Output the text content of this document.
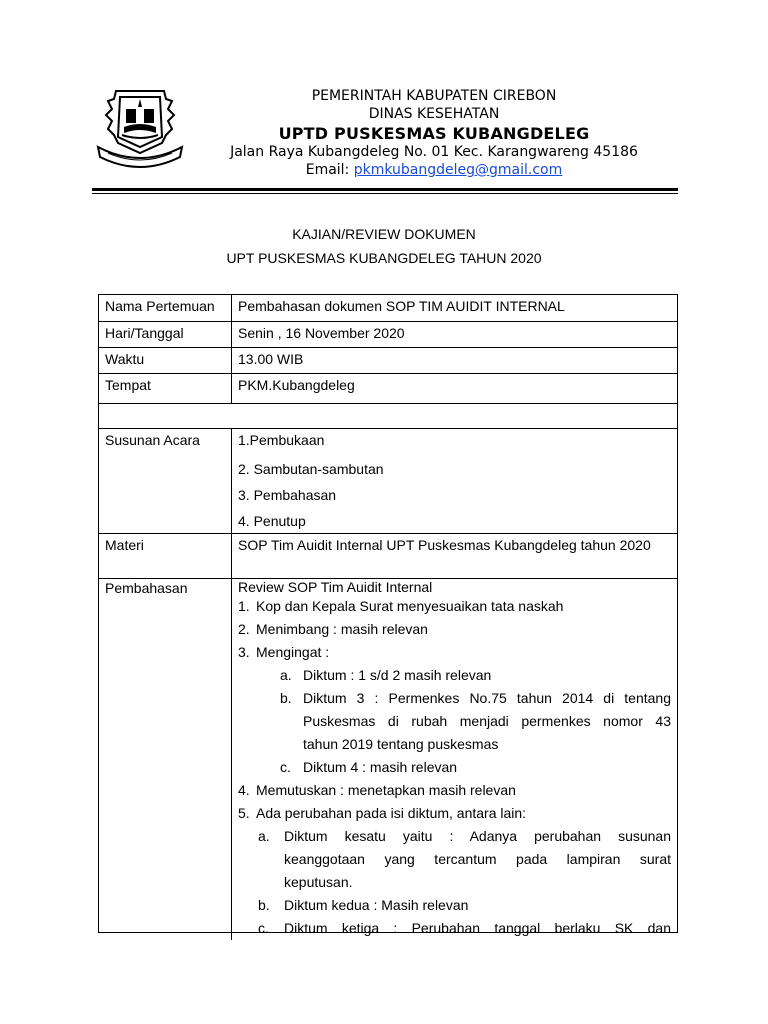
PEMERINTAH KABUPATEN CIREBON
DINAS KESEHATAN
UPTD PUSKESMAS KUBANGDELEG
Jalan Raya Kubangdeleg No. 01 Kec. Karangwareng 45186
Email: pkmkubangdeleg@gmail.com
KAJIAN/REVIEW DOKUMEN
UPT PUSKESMAS KUBANGDELEG TAHUN 2020
Nama Pertemuan	Pembahasan dokumen SOP TIM AUIDIT INTERNAL
Hari/Tanggal	Senin , 16 November 2020
Waktu	13.00 WIB
Tempat	PKM.Kubangdeleg
Susunan Acara	1.Pembukaan
2. Sambutan-sambutan
3. Pembahasan
4. Penutup
Materi	SOP Tim Auidit Internal UPT Puskesmas Kubangdeleg tahun 2020
Pembahasan	Review SOP Tim Auidit Internal
1. Kop dan Kepala Surat menyesuaikan tata naskah
2. Menimbang : masih relevan
3. Mengingat :
a. Diktum : 1 s/d 2 masih relevan
b. Diktum 3 : Permenkes No.75 tahun 2014 di tentang
Puskesmas di rubah menjadi permenkes nomor 43
tahun 2019 tentang puskesmas
c. Diktum 4 : masih relevan
4. Memutuskan : menetapkan masih relevan
5. Ada perubahan pada isi diktum, antara lain:
a.	Diktum kesatu yaitu : Adanya perubahan susunan
keanggotaan yang tercantum pada lampiran surat
keputusan.
b.	Diktum kedua : Masih relevan
c.	Diktum ketiga : Perubahan tanggal berlaku SK dan
